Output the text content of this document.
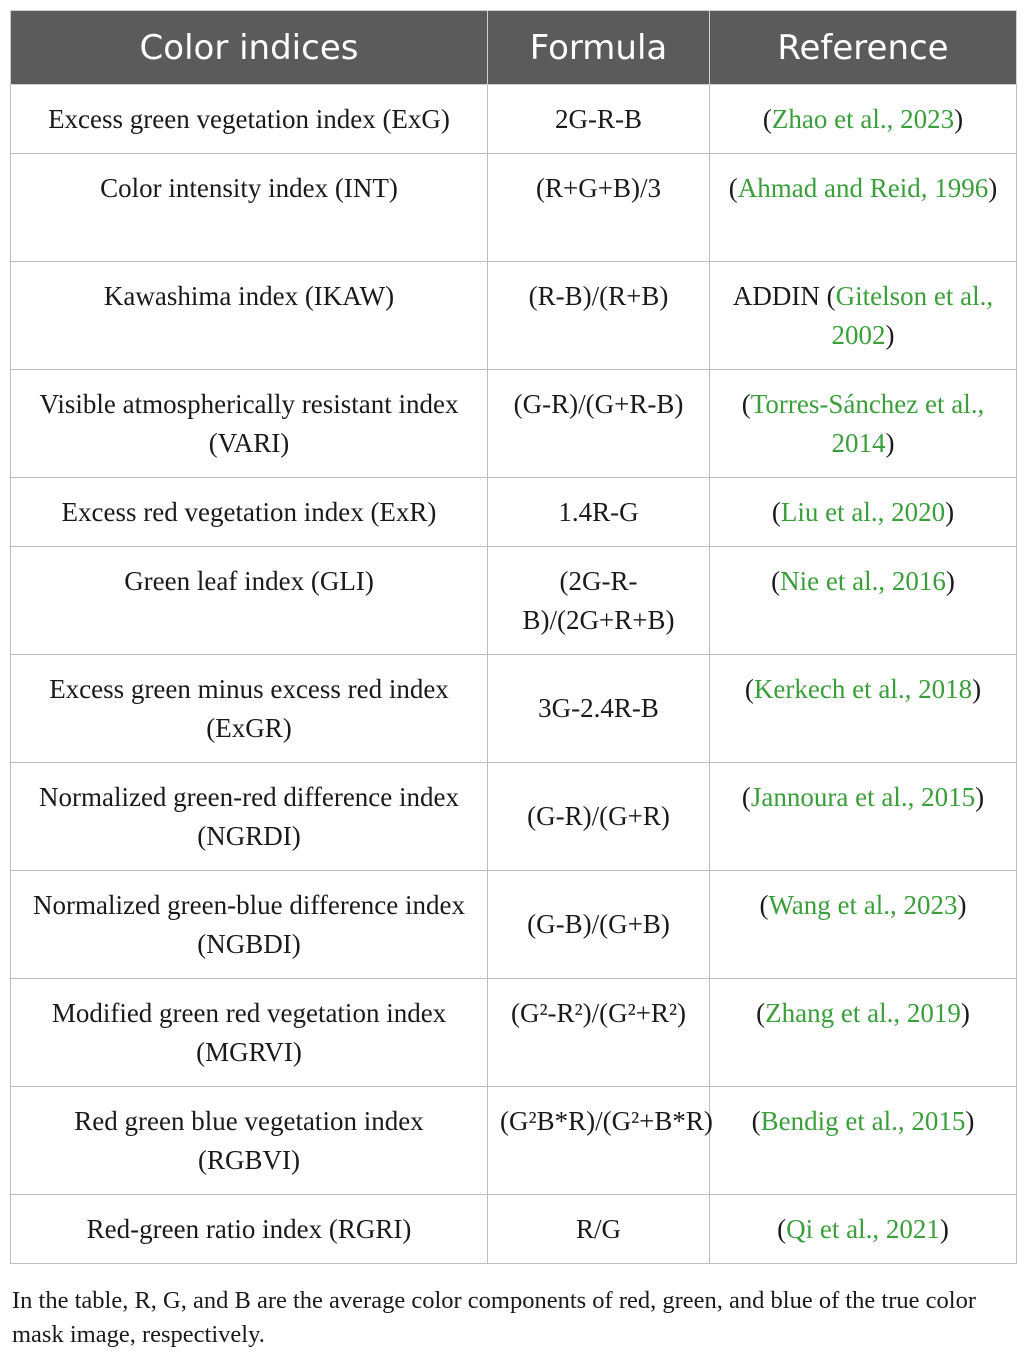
Color indices	Formula	Reference
Excess green vegetation index (ExG)	2G-R-B	(Zhao et al., 2023)
Color intensity index (INT)	(R+G+B)/3	(Ahmad and Reid, 1996)
Kawashima index (IKAW)	(R-B)/(R+B)	ADDIN (Gitelson et al., 2002)
Visible atmospherically resistant index (VARI)	(G-R)/(G+R-B)	(Torres-Sánchez et al., 2014)
Excess red vegetation index (ExR)	1.4R-G	(Liu et al., 2020)
Green leaf index (GLI)	(2G-R-B)/(2G+R+B)	(Nie et al., 2016)
Excess green minus excess red index (ExGR)	3G-2.4R-B	(Kerkech et al., 2018)
Normalized green-red difference index (NGRDI)	(G-R)/(G+R)	(Jannoura et al., 2015)
Normalized green-blue difference index (NGBDI)	(G-B)/(G+B)	(Wang et al., 2023)
Modified green red vegetation index (MGRVI)	(G²-R²)/(G²+R²)	(Zhang et al., 2019)
Red green blue vegetation index (RGBVI)	(G²B*R)/(G²+B*R)	(Bendig et al., 2015)
Red-green ratio index (RGRI)	R/G	(Qi et al., 2021)

In the table, R, G, and B are the average color components of red, green, and blue of the true color mask image, respectively.
